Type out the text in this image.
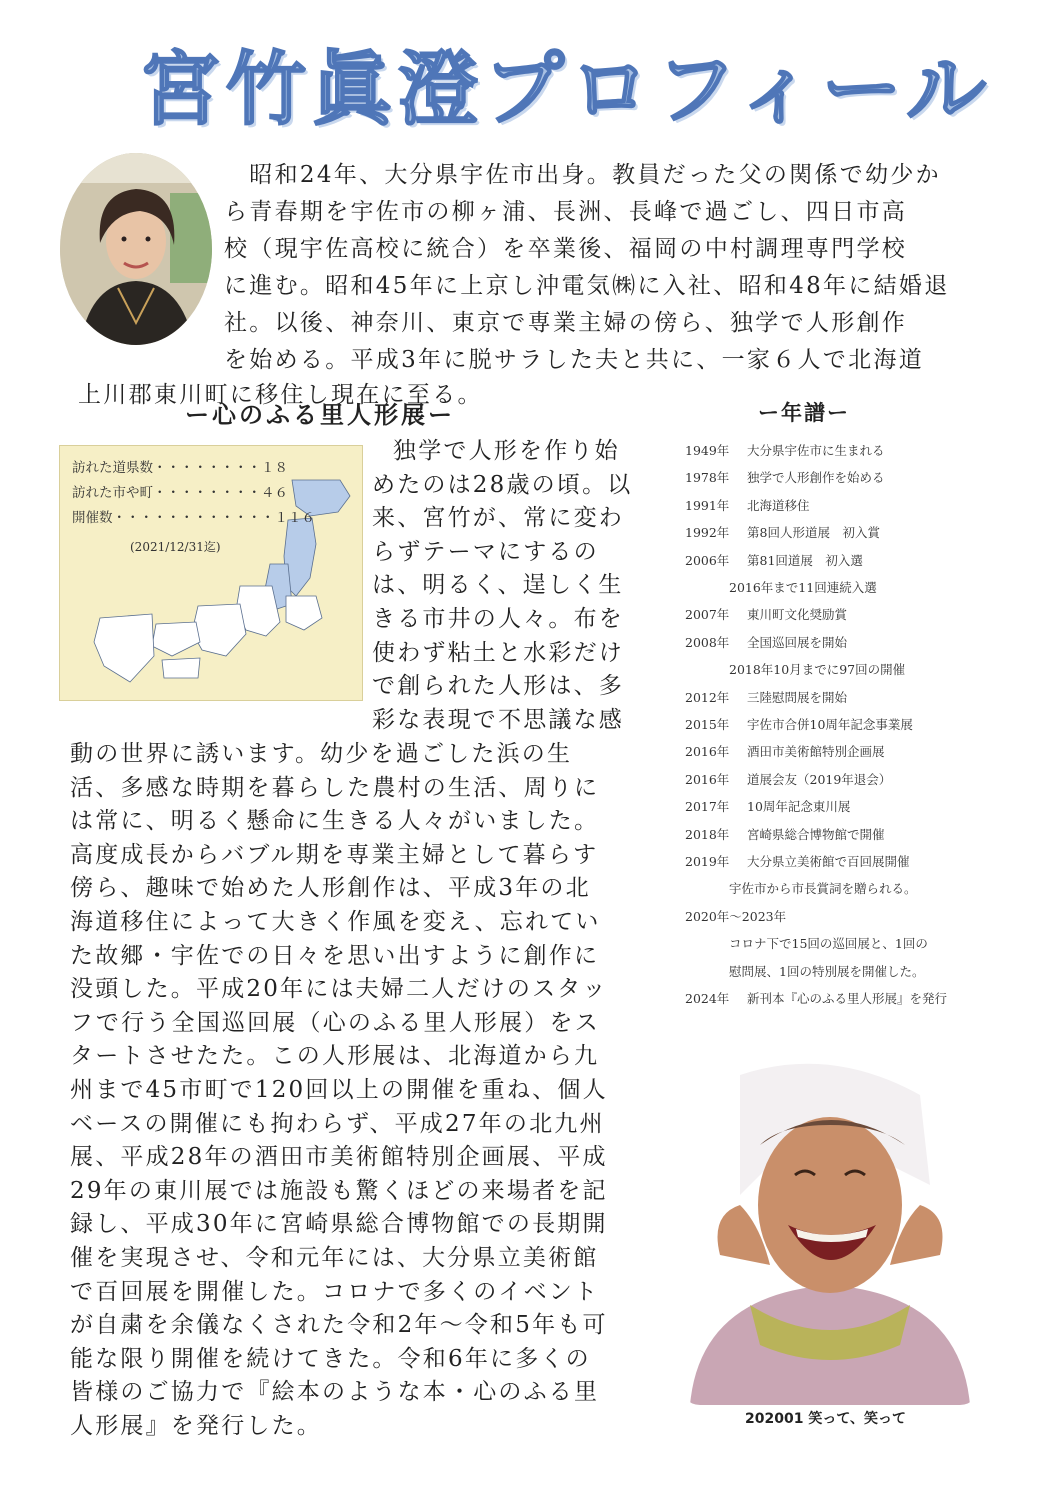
宮竹眞澄プロフィール
　昭和24年、大分県宇佐市出身。教員だった父の関係で幼少か
ら青春期を宇佐市の柳ヶ浦、長洲、長峰で過ごし、四日市高
校（現宇佐高校に統合）を卒業後、福岡の中村調理専門学校
に進む。昭和45年に上京し沖電気㈱に入社、昭和48年に結婚退
社。以後、神奈川、東京で専業主婦の傍ら、独学で人形創作
を始める。平成3年に脱サラした夫と共に、一家６人で北海道
上川郡東川町に移住し現在に至る。
ー心のふる里人形展ー
訪れた道県数・・・・・・・・１８
訪れた市や町・・・・・・・・４６
開催数・・・・・・・・・・・・１１６
(2021/12/31迄)
独学で人形を作り始
めたのは28歳の頃。以
来、宮竹が、常に変わ
らずテーマにするの
は、明るく、逞しく生
きる市井の人々。布を
使わず粘土と水彩だけ
で創られた人形は、多
彩な表現で不思議な感
動の世界に誘います。幼少を過ごした浜の生
活、多感な時期を暮らした農村の生活、周りに
は常に、明るく懸命に生きる人々がいました。
高度成長からバブル期を専業主婦として暮らす
傍ら、趣味で始めた人形創作は、平成3年の北
海道移住によって大きく作風を変え、忘れてい
た故郷・宇佐での日々を思い出すように創作に
没頭した。平成20年には夫婦二人だけのスタッ
フで行う全国巡回展（心のふる里人形展）をス
タートさせたた。この人形展は、北海道から九
州まで45市町で120回以上の開催を重ね、個人
ベースの開催にも拘わらず、平成27年の北九州
展、平成28年の酒田市美術館特別企画展、平成
29年の東川展では施設も驚くほどの来場者を記
録し、平成30年に宮崎県総合博物館での長期開
催を実現させ、令和元年には、大分県立美術館
で百回展を開催した。コロナで多くのイベント
が自粛を余儀なくされた令和2年～令和5年も可
能な限り開催を続けてきた。令和6年に多くの
皆様のご協力で『絵本のような本・心のふる里
人形展』を発行した。
ー年譜ー
1949年 大分県宇佐市に生まれる
1978年 独学で人形創作を始める
1991年 北海道移住
1992年 第8回人形道展　初入賞
2006年 第81回道展　初入選
2016年まで11回連続入選
2007年 東川町文化奨励賞
2008年 全国巡回展を開始
2018年10月までに97回の開催
2012年 三陸慰問展を開始
2015年 宇佐市合併10周年記念事業展
2016年 酒田市美術館特別企画展
2016年 道展会友（2019年退会）
2017年 10周年記念東川展
2018年 宮崎県総合博物館で開催
2019年 大分県立美術館で百回展開催
宇佐市から市長賞詞を贈られる。
2020年～2023年
コロナ下で15回の巡回展と、1回の
慰問展、1回の特別展を開催した。
2024年 新刊本『心のふる里人形展』を発行
202001 笑って、笑って
